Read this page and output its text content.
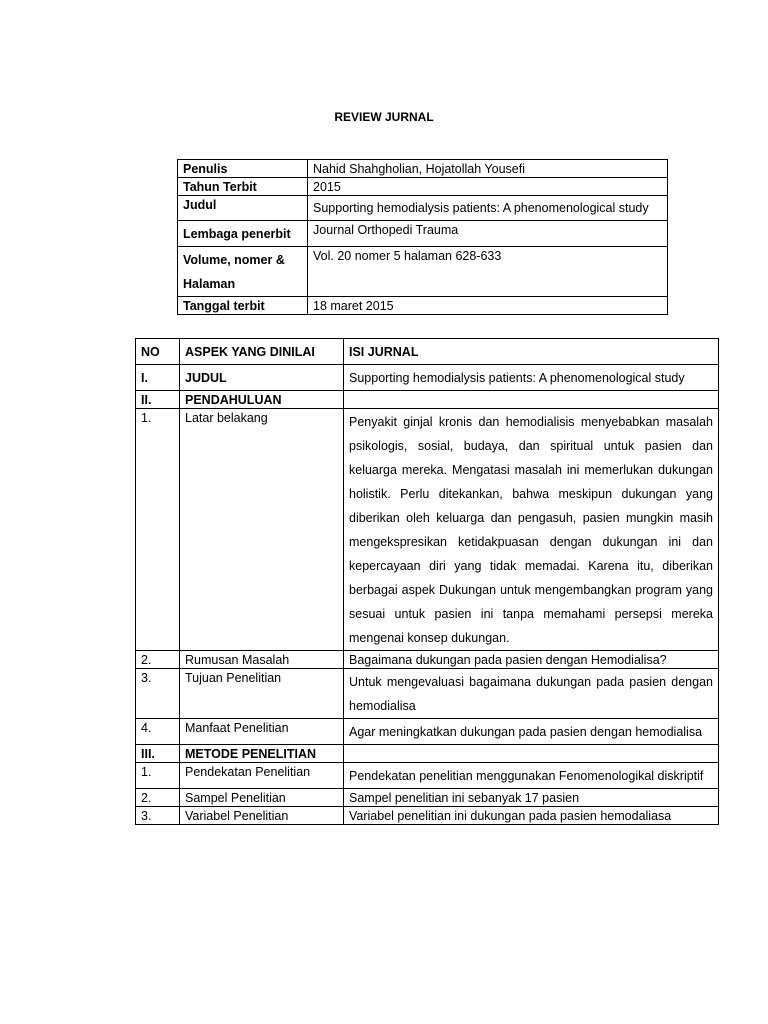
REVIEW JURNAL
Penulis	Nahid Shahgholian, Hojatollah Yousefi
Tahun Terbit	2015
Judul	Supporting hemodialysis patients: A phenomenological study
Lembaga penerbit	Journal Orthopedi Trauma
Volume, nomer & Halaman	Vol. 20 nomer 5 halaman 628-633
Tanggal terbit	18 maret 2015
NO	ASPEK YANG DINILAI	ISI JURNAL
I.	JUDUL	Supporting hemodialysis patients: A phenomenological study
II.	PENDAHULUAN	
1.	Latar belakang	Penyakit ginjal kronis dan hemodialisis menyebabkan masalah psikologis, sosial, budaya, dan spiritual untuk pasien dan keluarga mereka. Mengatasi masalah ini memerlukan dukungan holistik. Perlu ditekankan, bahwa meskipun dukungan yang diberikan oleh keluarga dan pengasuh, pasien mungkin masih mengekspresikan ketidakpuasan dengan dukungan ini dan kepercayaan diri yang tidak memadai. Karena itu, diberikan berbagai aspek Dukungan untuk mengembangkan program yang sesuai untuk pasien ini tanpa memahami persepsi mereka mengenai konsep dukungan.
2.	Rumusan Masalah	Bagaimana dukungan pada pasien dengan Hemodialisa?
3.	Tujuan Penelitian	Untuk mengevaluasi bagaimana dukungan pada pasien dengan hemodialisa
4.	Manfaat Penelitian	Agar meningkatkan dukungan pada pasien dengan hemodialisa
III.	METODE PENELITIAN	
1.	Pendekatan Penelitian	Pendekatan penelitian menggunakan Fenomenologikal diskriptif
2.	Sampel Penelitian	Sampel penelitian ini sebanyak 17 pasien
3.	Variabel Penelitian	Variabel penelitian ini dukungan pada pasien hemodaliasa
